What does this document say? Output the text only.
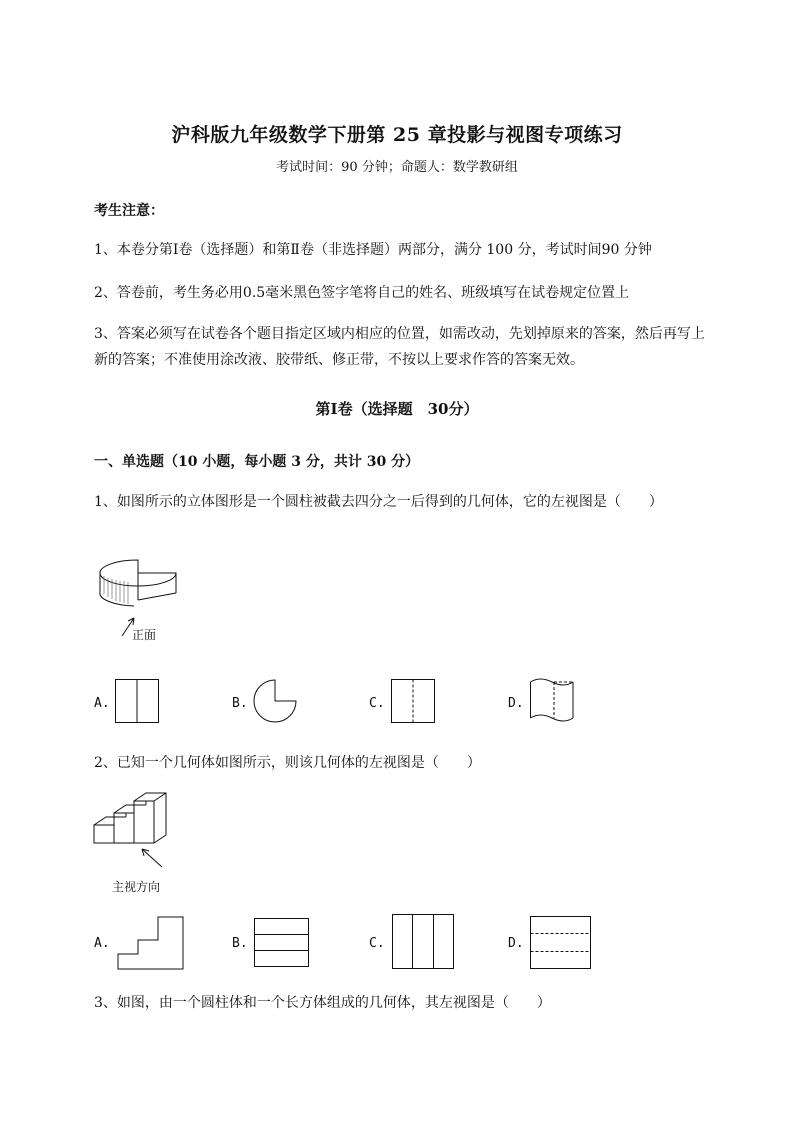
沪科版九年级数学下册第 25 章投影与视图专项练习
考试时间：90 分钟；命题人：数学教研组
考生注意：
1、本卷分第Ⅰ卷（选择题）和第Ⅱ卷（非选择题）两部分，满分 100 分，考试时间90 分钟
2、答卷前，考生务必用0.5毫米黑色签字笔将自己的姓名、班级填写在试卷规定位置上
3、答案必须写在试卷各个题目指定区域内相应的位置，如需改动，先划掉原来的答案，然后再写上新的答案；不准使用涂改液、胶带纸、修正带，不按以上要求作答的答案无效。
第Ⅰ卷（选择题　30分）
一、单选题（10 小题，每小题 3 分，共计 30 分）
1、如图所示的立体图形是一个圆柱被截去四分之一后得到的几何体，它的左视图是（　　）
正面
A.	B.	C.	D.
2、已知一个几何体如图所示，则该几何体的左视图是（　　）
主视方向
A.	B.	C.	D.
3、如图，由一个圆柱体和一个长方体组成的几何体，其左视图是（　　）
